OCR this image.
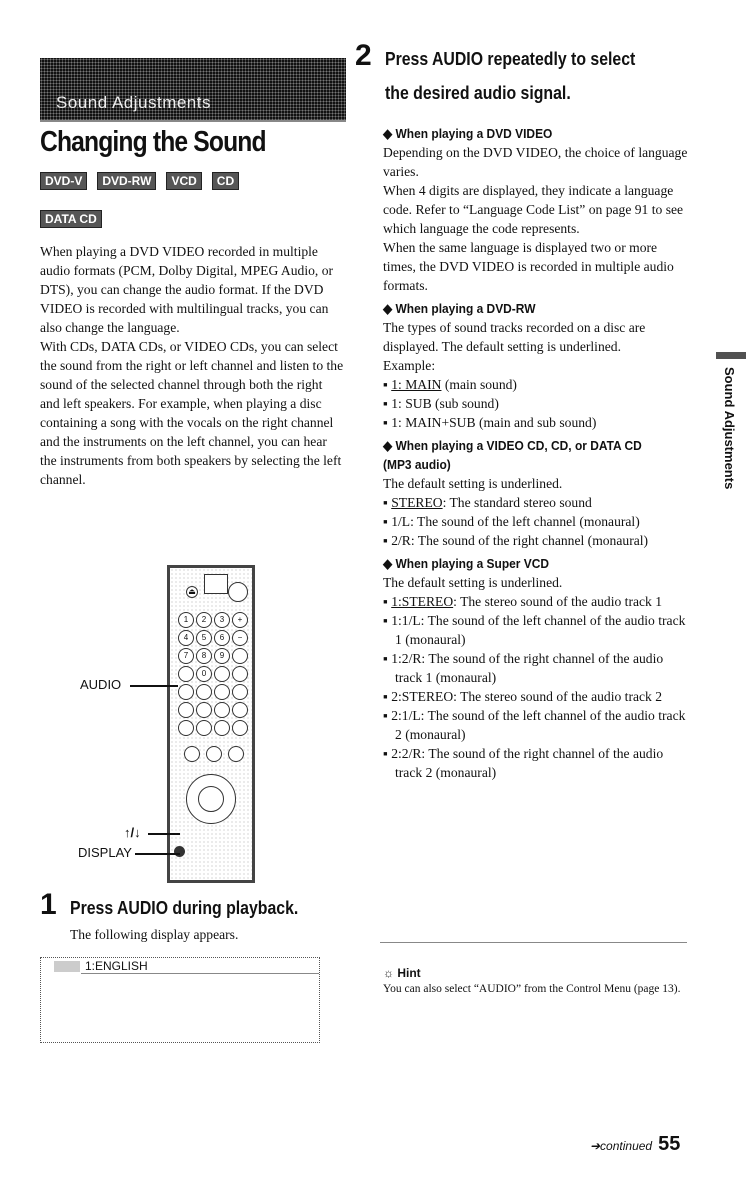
Sound Adjustments
Changing the Sound
DVD-V DVD-RW VCD CD
DATA CD
When playing a DVD VIDEO recorded in multiple audio formats (PCM, Dolby Digital, MPEG Audio, or DTS), you can change the audio format. If the DVD VIDEO is recorded with multilingual tracks, you can also change the language.
With CDs, DATA CDs, or VIDEO CDs, you can select the sound from the right or left channel and listen to the sound of the selected channel through both the right and left speakers. For example, when playing a disc containing a song with the vocals on the right channel and the instruments on the left channel, you can hear the instruments from both speakers by selecting the left channel.
⏏
1	2	3	+
4	5	6	−
7	8	9
0
AUDIO
↑/↓
DISPLAY
1 Press AUDIO during playback.
The following display appears.
1:ENGLISH
2 Press AUDIO repeatedly to select
the desired audio signal.
◆ When playing a DVD VIDEO
Depending on the DVD VIDEO, the choice of language varies.
When 4 digits are displayed, they indicate a language code. Refer to “Language Code List” on page 91 to see which language the code represents.
When the same language is displayed two or more times, the DVD VIDEO is recorded in multiple audio formats.
◆ When playing a DVD-RW
The types of sound tracks recorded on a disc are displayed. The default setting is underlined.
Example:
▪ 1: MAIN (main sound)
▪ 1: SUB (sub sound)
▪ 1: MAIN+SUB (main and sub sound)
◆ When playing a VIDEO CD, CD, or DATA CD (MP3 audio)
The default setting is underlined.
▪ STEREO: The standard stereo sound
▪ 1/L: The sound of the left channel (monaural)
▪ 2/R: The sound of the right channel (monaural)
◆ When playing a Super VCD
The default setting is underlined.
▪ 1:STEREO: The stereo sound of the audio track 1
▪ 1:1/L: The sound of the left channel of the audio track 1 (monaural)
▪ 1:2/R: The sound of the right channel of the audio track 1 (monaural)
▪ 2:STEREO: The stereo sound of the audio track 2
▪ 2:1/L: The sound of the left channel of the audio track 2 (monaural)
▪ 2:2/R: The sound of the right channel of the audio track 2 (monaural)
Sound Adjustments
☼ Hint
You can also select “AUDIO” from the Control Menu (page 13).
➔continued 55
